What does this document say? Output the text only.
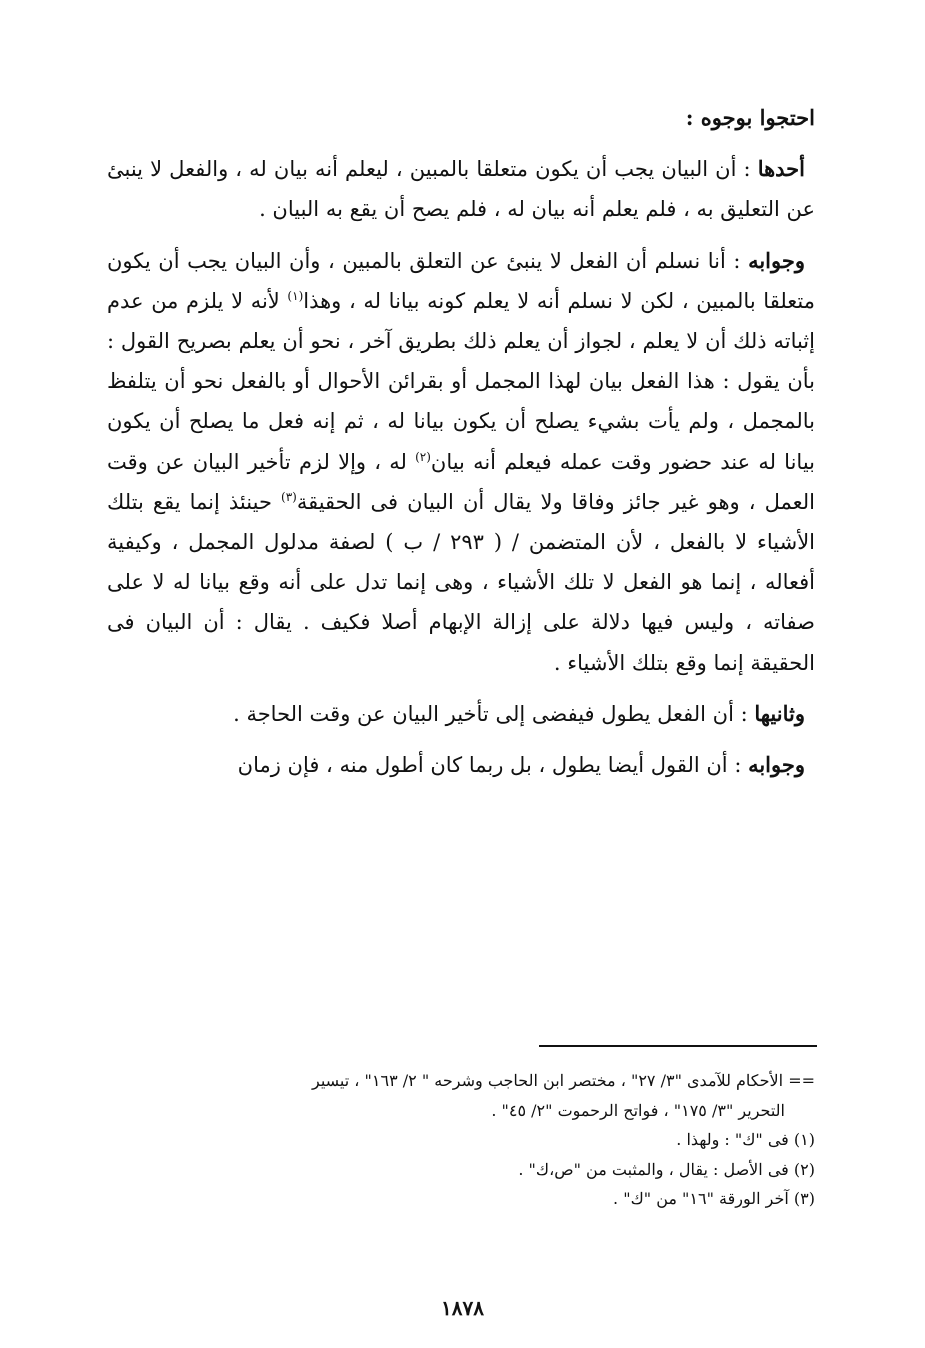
احتجوا بوجوه :

أحدها : أن البيان يجب أن يكون متعلقا بالمبين ، ليعلم أنه بيان له ، والفعل لا ينبئ عن التعليق به ، فلم يعلم أنه بيان له ، فلم يصح أن يقع به البيان .

وجوابه : أنا نسلم أن الفعل لا ينبئ عن التعلق بالمبين ، وأن البيان يجب أن يكون متعلقا بالمبين ، لكن لا نسلم أنه لا يعلم كونه بيانا له ، وهذا$^{(١)}$ لأنه لا يلزم من عدم إثباته ذلك أن لا يعلم ، لجواز أن يعلم ذلك بطريق آخر ، نحو أن يعلم بصريح القول : بأن يقول : هذا الفعل بيان لهذا المجمل أو بقرائن الأحوال أو بالفعل نحو أن يتلفظ بالمجمل ، ولم يأت بشيء يصلح أن يكون بيانا له ، ثم إنه فعل ما يصلح أن يكون بيانا له عند حضور وقت عمله فيعلم أنه بيان$^{(٢)}$ له ، وإلا لزم تأخير البيان عن وقت العمل ، وهو غير جائز وفاقا ولا يقال أن البيان فى الحقيقة$^{(٣)}$ حينئذ إنما يقع بتلك الأشياء لا بالفعل ، لأن المتضمن / ( ٢٩٣ / ب ) لصفة مدلول المجمل ، وكيفية أفعاله ، إنما هو الفعل لا تلك الأشياء ، وهى إنما تدل على أنه وقع بيانا له لا على صفاته ، وليس فيها دلالة على إزالة الإبهام أصلا فكيف . يقال : أن البيان فى الحقيقة إنما وقع بتلك الأشياء .

وثانيها : أن الفعل يطول فيفضى إلى تأخير البيان عن وقت الحاجة .

وجوابه : أن القول أيضا يطول ، بل ربما كان أطول منه ، فإن زمان

== الأحكام للآمدى "٣/ ٢٧" ، مختصر ابن الحاجب وشرحه " ٢/ ١٦٣" ، تيسير

التحرير "٣/ ١٧٥" ، فواتح الرحموت "٢/ ٤٥" .

(١) فى "ك" : ولهذا .

(٢) فى الأصل : يقال ، والمثبت من "ص،ك" .

(٣) آخر الورقة "١٦" من "ك" .

١٨٧٨
